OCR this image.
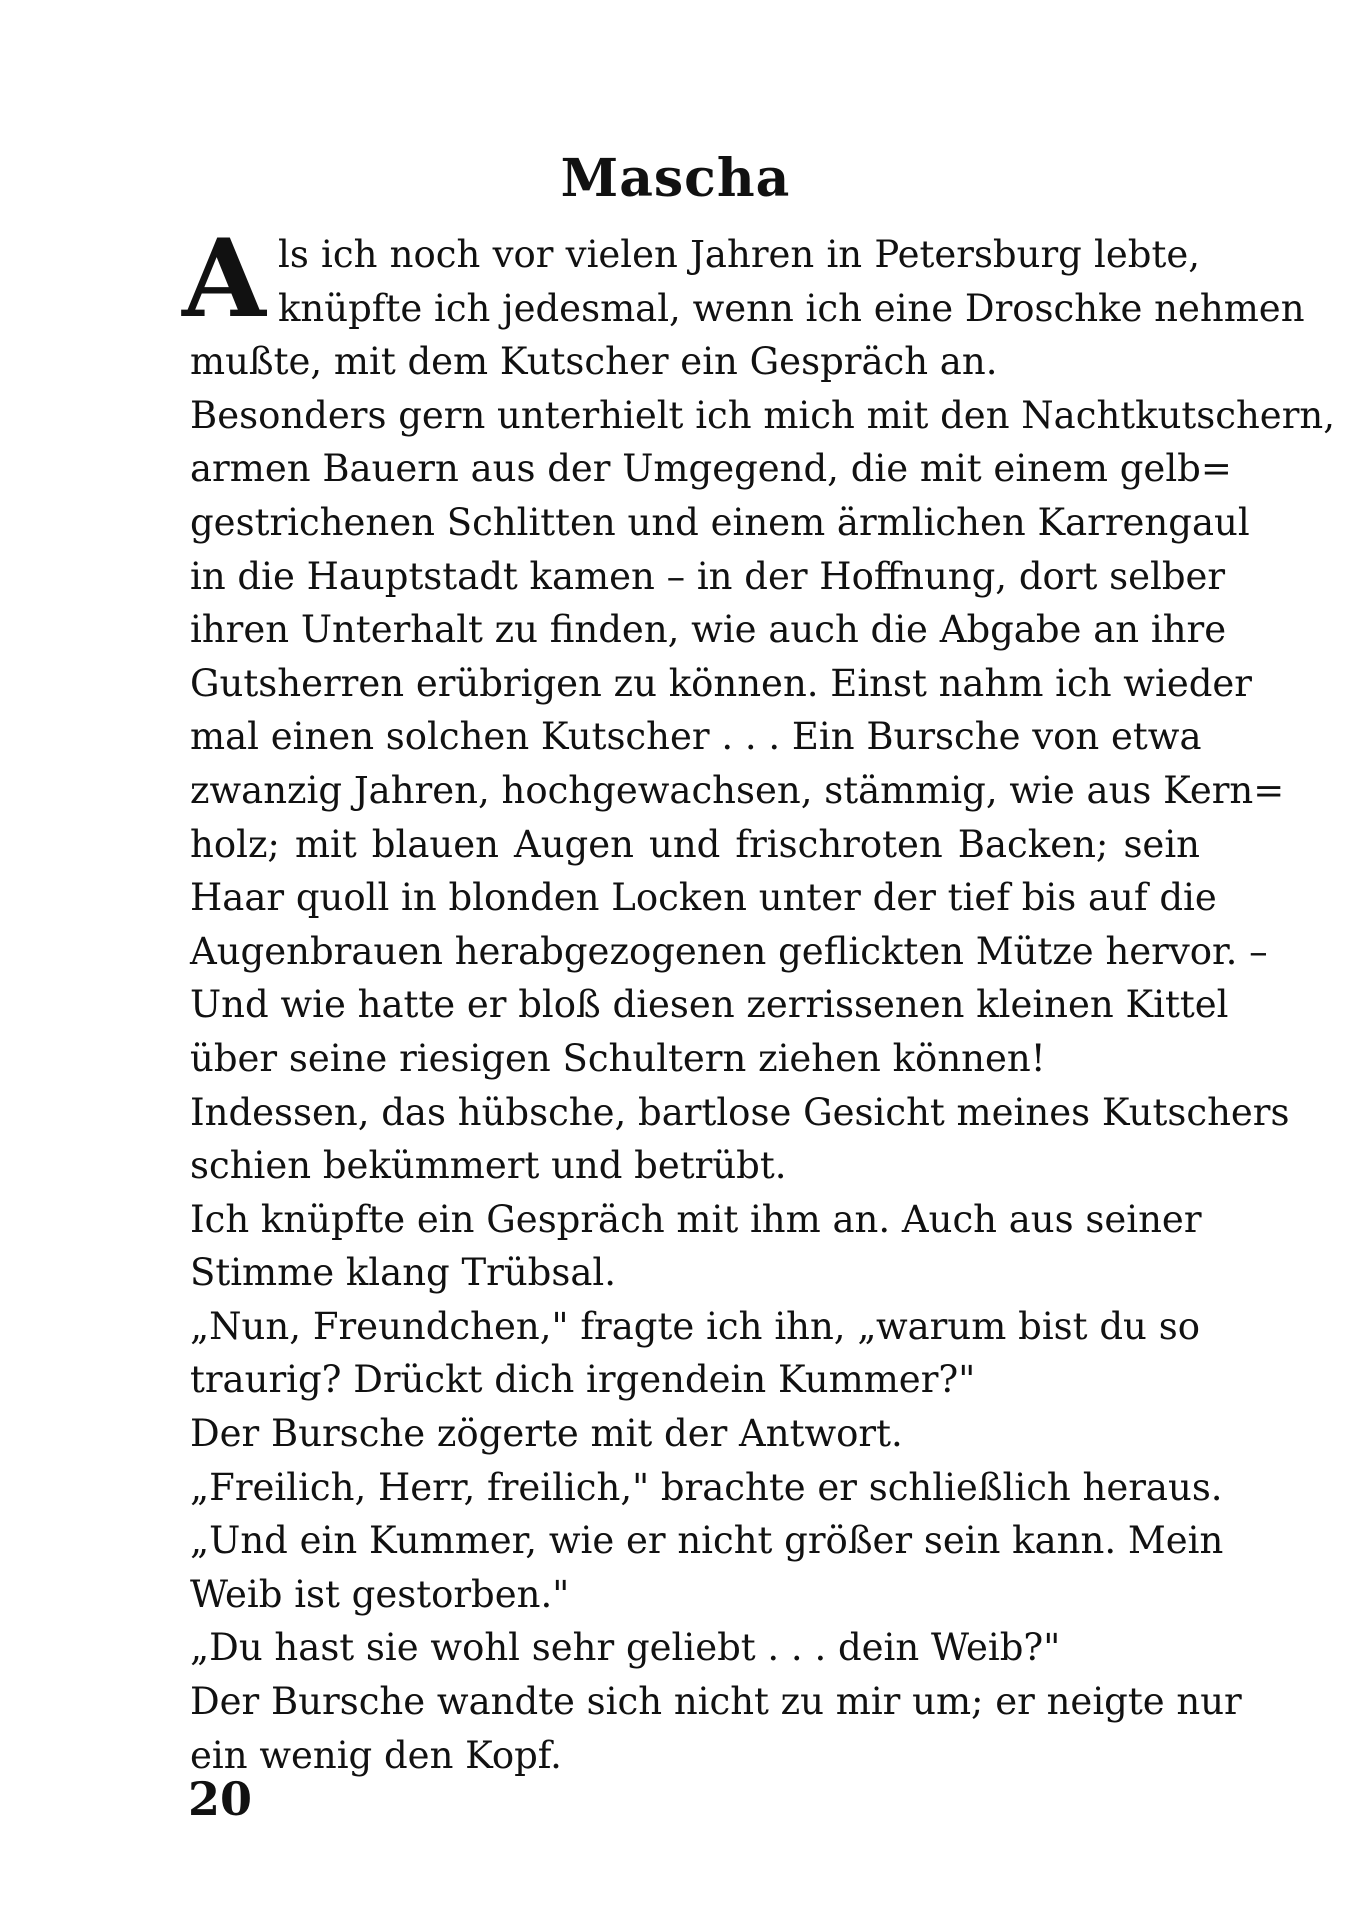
Mascha
A ls ich noch vor vielen Jahren in Petersburg lebte,
knüpfte ich jedesmal, wenn ich eine Droschke nehmen
mußte, mit dem Kutscher ein Gespräch an.
Besonders gern unterhielt ich mich mit den Nachtkutschern,
armen Bauern aus der Umgegend, die mit einem gelb=
gestrichenen Schlitten und einem ärmlichen Karrengaul
in die Hauptstadt kamen – in der Hoffnung, dort selber
ihren Unterhalt zu finden, wie auch die Abgabe an ihre
Gutsherren erübrigen zu können. Einst nahm ich wieder
mal einen solchen Kutscher . . . Ein Bursche von etwa
zwanzig Jahren, hochgewachsen, stämmig, wie aus Kern=
holz; mit blauen Augen und frischroten Backen; sein
Haar quoll in blonden Locken unter der tief bis auf die
Augenbrauen herabgezogenen geflickten Mütze hervor. –
Und wie hatte er bloß diesen zerrissenen kleinen Kittel
über seine riesigen Schultern ziehen können!
Indessen, das hübsche, bartlose Gesicht meines Kutschers
schien bekümmert und betrübt.
Ich knüpfte ein Gespräch mit ihm an. Auch aus seiner
Stimme klang Trübsal.
„Nun, Freundchen," fragte ich ihn, „warum bist du so
traurig? Drückt dich irgendein Kummer?"
Der Bursche zögerte mit der Antwort.
„Freilich, Herr, freilich," brachte er schließlich heraus.
„Und ein Kummer, wie er nicht größer sein kann. Mein
Weib ist gestorben."
„Du hast sie wohl sehr geliebt . . . dein Weib?"
Der Bursche wandte sich nicht zu mir um; er neigte nur
ein wenig den Kopf.
20
